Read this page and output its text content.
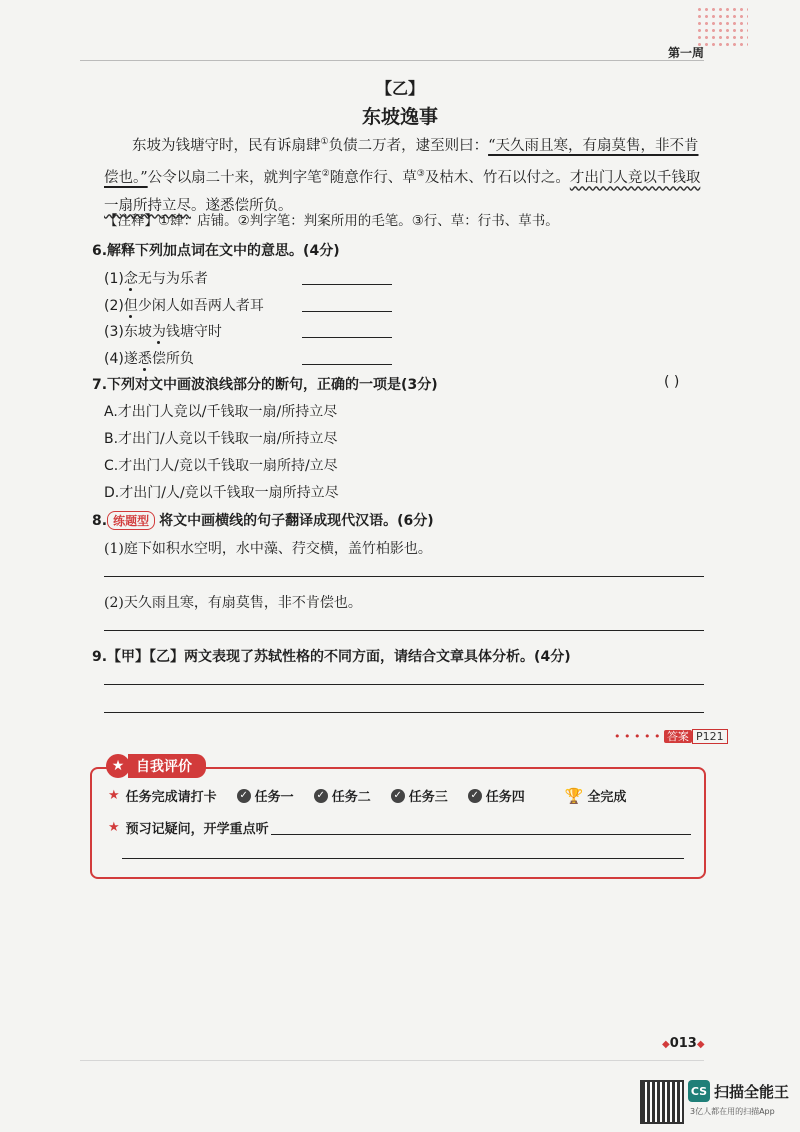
第一周
【乙】
东坡逸事
东坡为钱塘守时，民有诉扇肆①负债二万者，逮至则曰：“天久雨且寒，有扇莫售，非不肯偿也。”公令以扇二十来，就判字笔②随意作行、草③及枯木、竹石以付之。才出门人竞以千钱取一扇所持立尽。遂悉偿所负。
【注释】①肆：店铺。②判字笔：判案所用的毛笔。③行、草：行书、草书。
6.解释下列加点词在文中的意思。(4分)
(1)念无与为乐者
(2)但少闲人如吾两人者耳
(3)东坡为钱塘守时
(4)遂悉偿所负
7.下列对文中画波浪线部分的断句，正确的一项是(3分)	( )
A.才出门人竞以/千钱取一扇/所持立尽
B.才出门/人竞以千钱取一扇/所持立尽
C.才出门人/竞以千钱取一扇所持/立尽
D.才出门/人/竞以千钱取一扇所持立尽
8. 练题型 将文中画横线的句子翻译成现代汉语。(6分)
(1)庭下如积水空明，水中藻、荇交横，盖竹柏影也。
(2)天久雨且寒，有扇莫售，非不肯偿也。
9.【甲】【乙】两文表现了苏轼性格的不同方面，请结合文章具体分析。(4分)
• • • • • 答案 P121
★ 自我评价
★ 任务完成请打卡 ✓ 任务一 ✓ 任务二 ✓ 任务三 ✓ 任务四	🏆 全完成
★ 预习记疑问，开学重点听
◆013◆
CS 扫描全能王
3亿人都在用的扫描App
